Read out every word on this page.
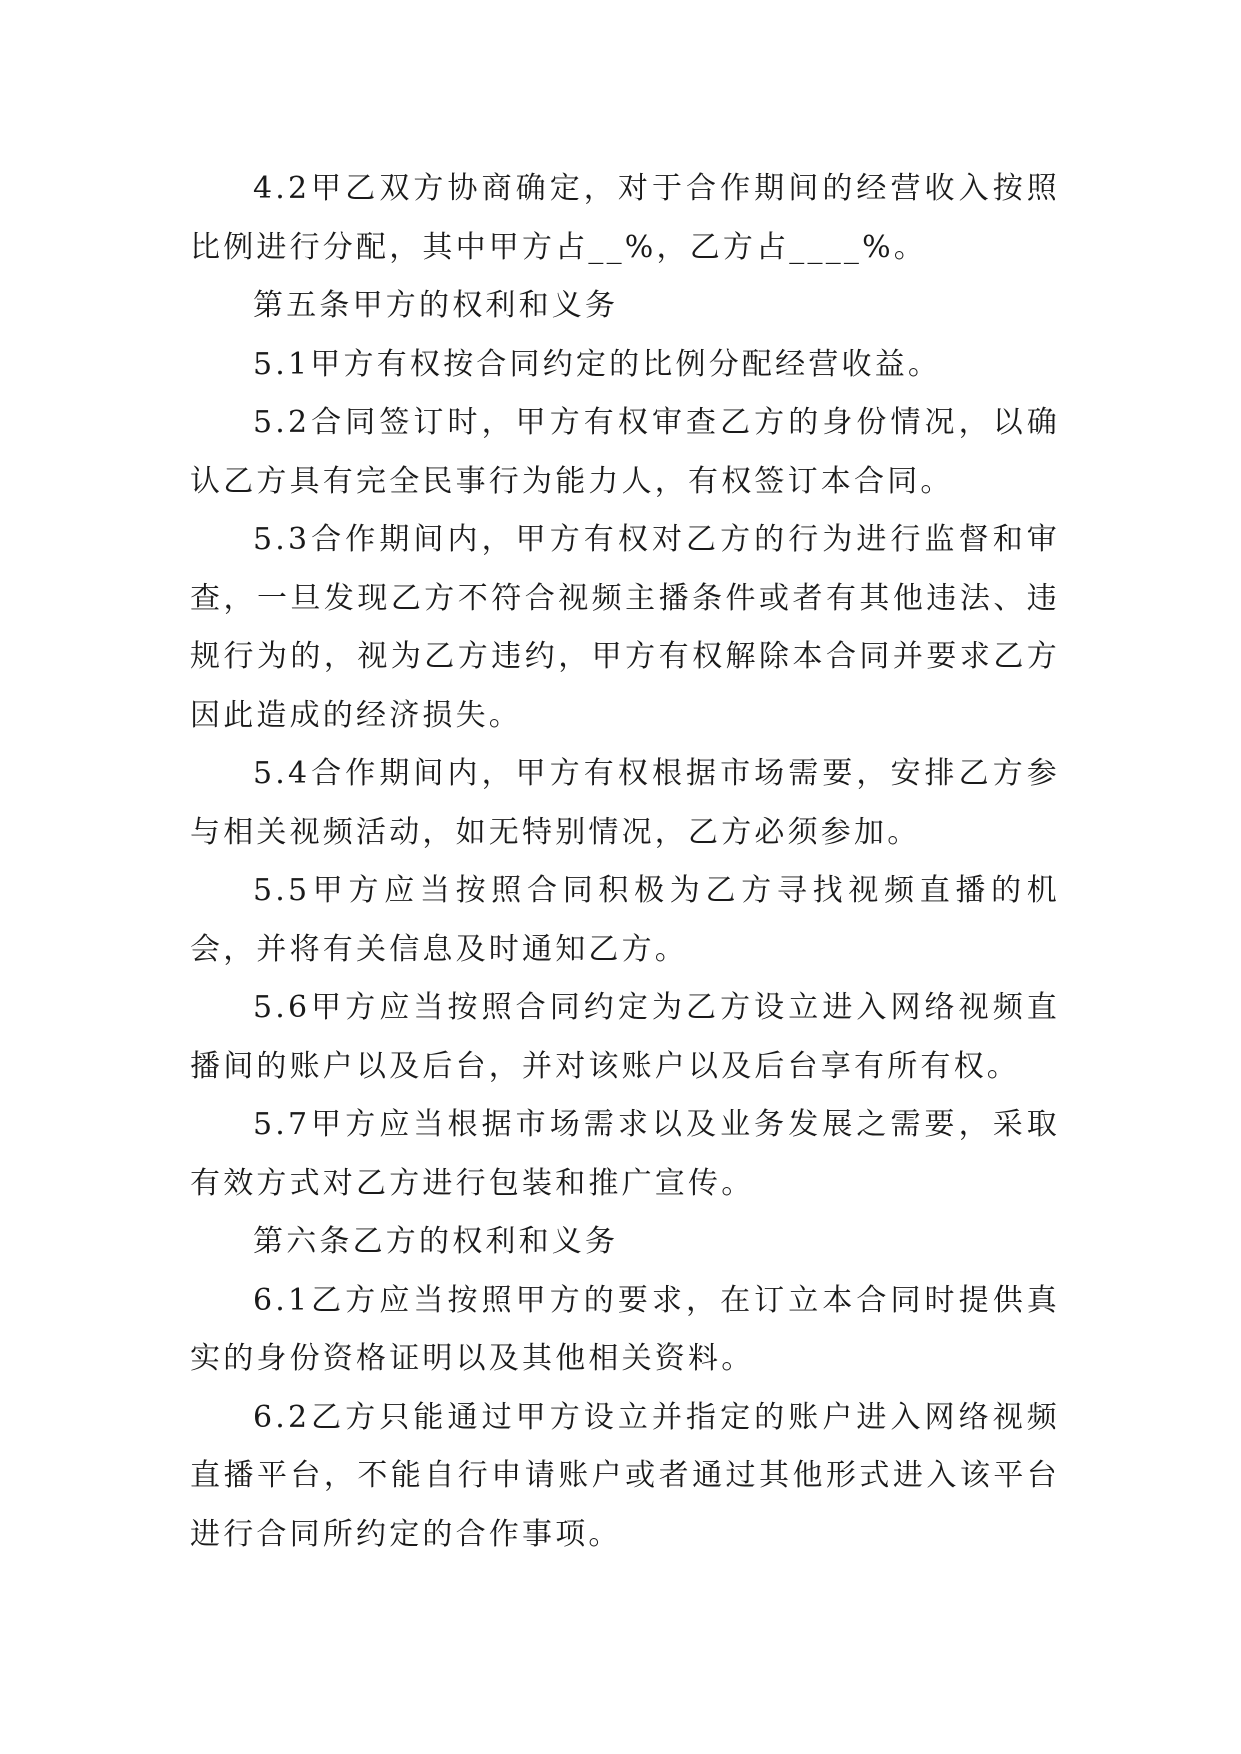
4.2甲乙双方协商确定，对于合作期间的经营收入按照比例进行分配，其中甲方占__%，乙方占____%。

第五条甲方的权利和义务

5.1甲方有权按合同约定的比例分配经营收益。

5.2合同签订时，甲方有权审查乙方的身份情况，以确认乙方具有完全民事行为能力人，有权签订本合同。

5.3合作期间内，甲方有权对乙方的行为进行监督和审查，一旦发现乙方不符合视频主播条件或者有其他违法、违规行为的，视为乙方违约，甲方有权解除本合同并要求乙方因此造成的经济损失。

5.4合作期间内，甲方有权根据市场需要，安排乙方参与相关视频活动，如无特别情况，乙方必须参加。

5.5甲方应当按照合同积极为乙方寻找视频直播的机会，并将有关信息及时通知乙方。

5.6甲方应当按照合同约定为乙方设立进入网络视频直播间的账户以及后台，并对该账户以及后台享有所有权。

5.7甲方应当根据市场需求以及业务发展之需要，采取有效方式对乙方进行包装和推广宣传。

第六条乙方的权利和义务

6.1乙方应当按照甲方的要求，在订立本合同时提供真实的身份资格证明以及其他相关资料。

6.2乙方只能通过甲方设立并指定的账户进入网络视频直播平台，不能自行申请账户或者通过其他形式进入该平台进行合同所约定的合作事项。
